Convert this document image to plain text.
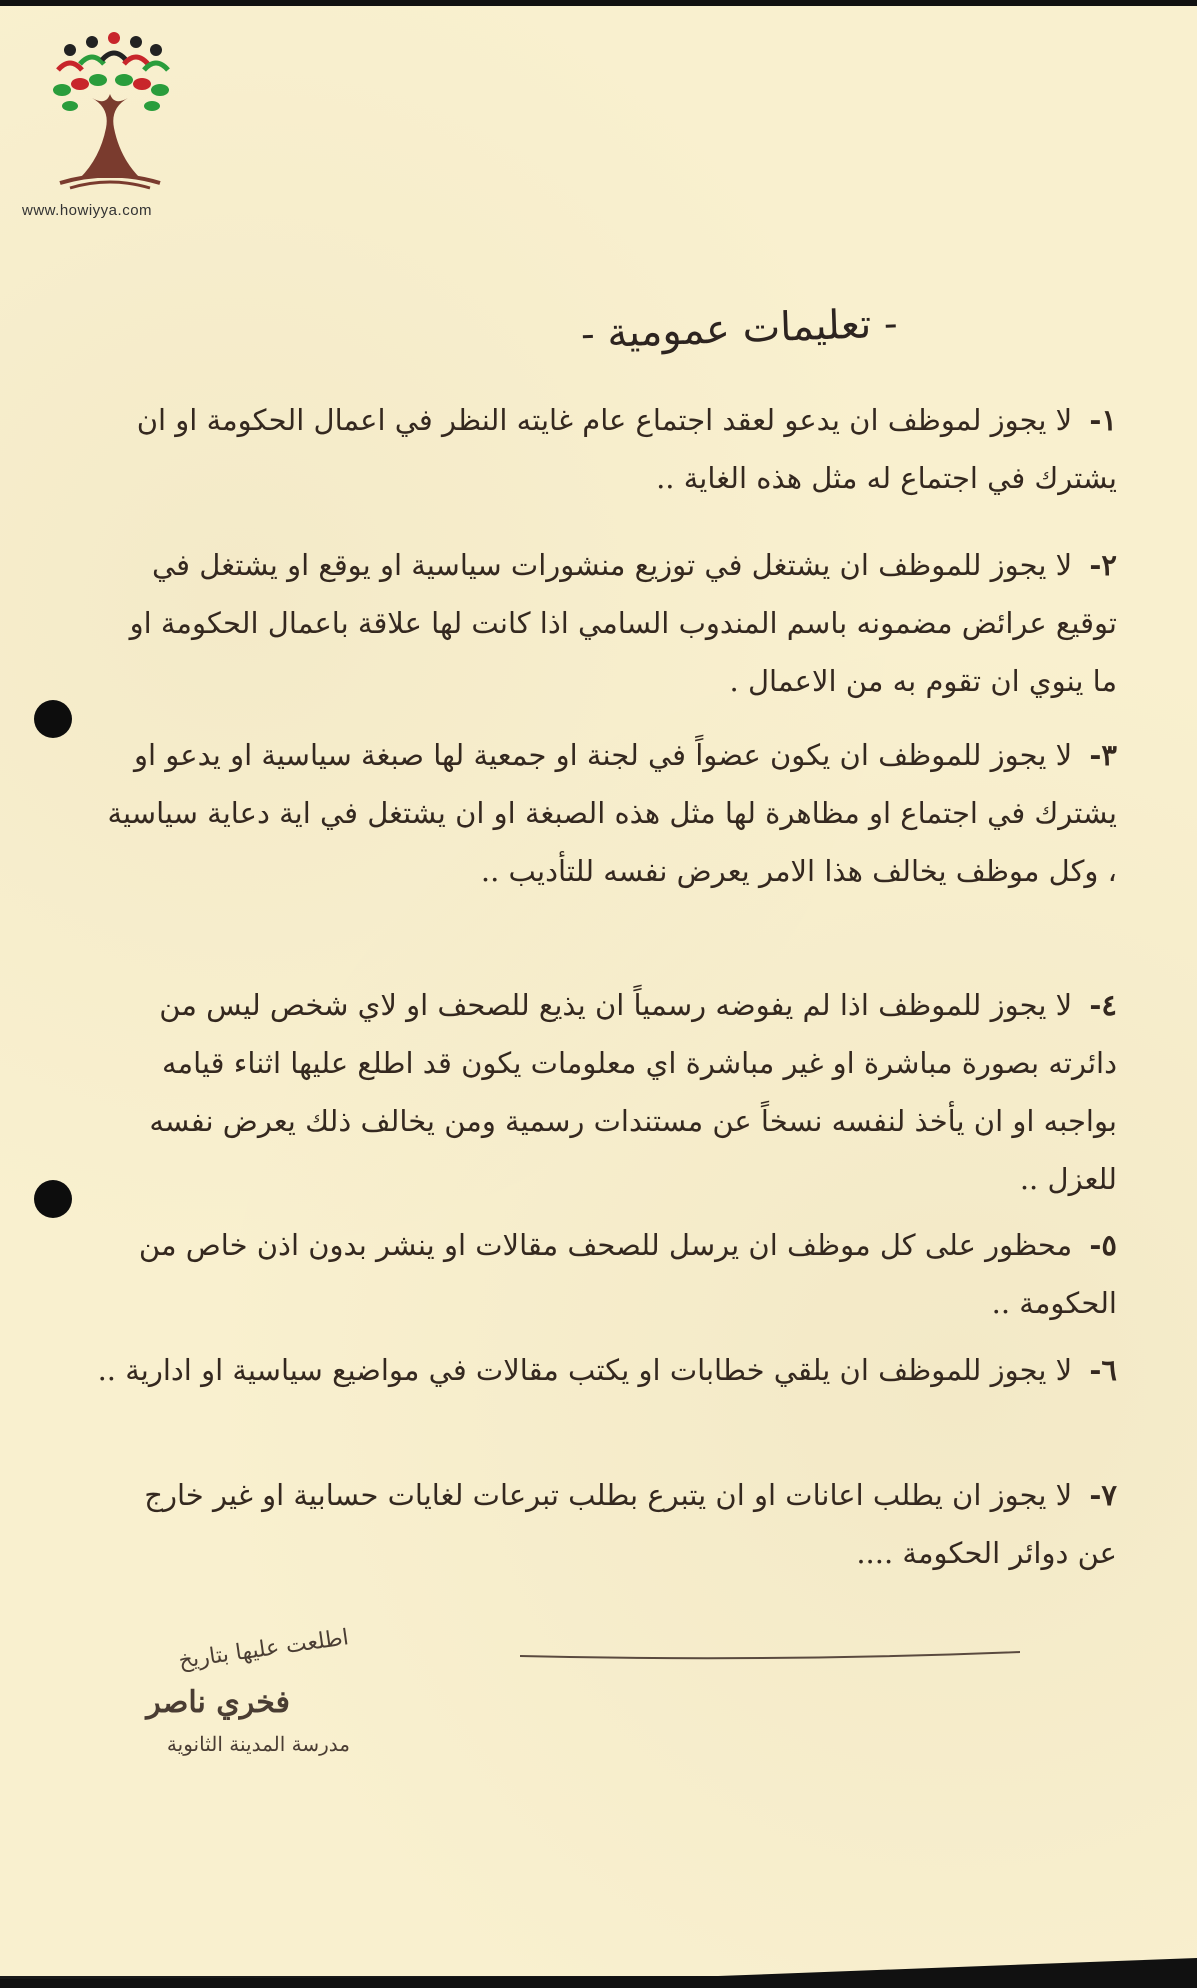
www.howiyya.com
- تعليمات عمومية -
١- لا يجوز لموظف ان يدعو لعقد اجتماع عام غايته النظر في اعمال الحكومة او ان يشترك في اجتماع له مثل هذه الغاية ..
٢- لا يجوز للموظف ان يشتغل في توزيع منشورات سياسية او يوقع او يشتغل في توقيع عرائض مضمونه باسم المندوب السامي اذا كانت لها علاقة باعمال الحكومة او ما ينوي ان تقوم به من الاعمال .
٣- لا يجوز للموظف ان يكون عضواً في لجنة او جمعية لها صبغة سياسية او يدعو او يشترك في اجتماع او مظاهرة لها مثل هذه الصبغة او ان يشتغل في اية دعاية سياسية ، وكل موظف يخالف هذا الامر يعرض نفسه للتأديب ..
٤- لا يجوز للموظف اذا لم يفوضه رسمياً ان يذيع للصحف او لاي شخص ليس من دائرته بصورة مباشرة او غير مباشرة اي معلومات يكون قد اطلع عليها اثناء قيامه بواجبه او ان يأخذ لنفسه نسخاً عن مستندات رسمية ومن يخالف ذلك يعرض نفسه للعزل ..
٥- محظور على كل موظف ان يرسل للصحف مقالات او ينشر بدون اذن خاص من الحكومة ..
٦- لا يجوز للموظف ان يلقي خطابات او يكتب مقالات في مواضيع سياسية او ادارية ..
٧- لا يجوز ان يطلب اعانات او ان يتبرع بطلب تبرعات لغايات حسابية او غير خارج عن دوائر الحكومة ....
اطلعت عليها بتاريخ
فخري ناصر
مدرسة المدينة الثانوية
